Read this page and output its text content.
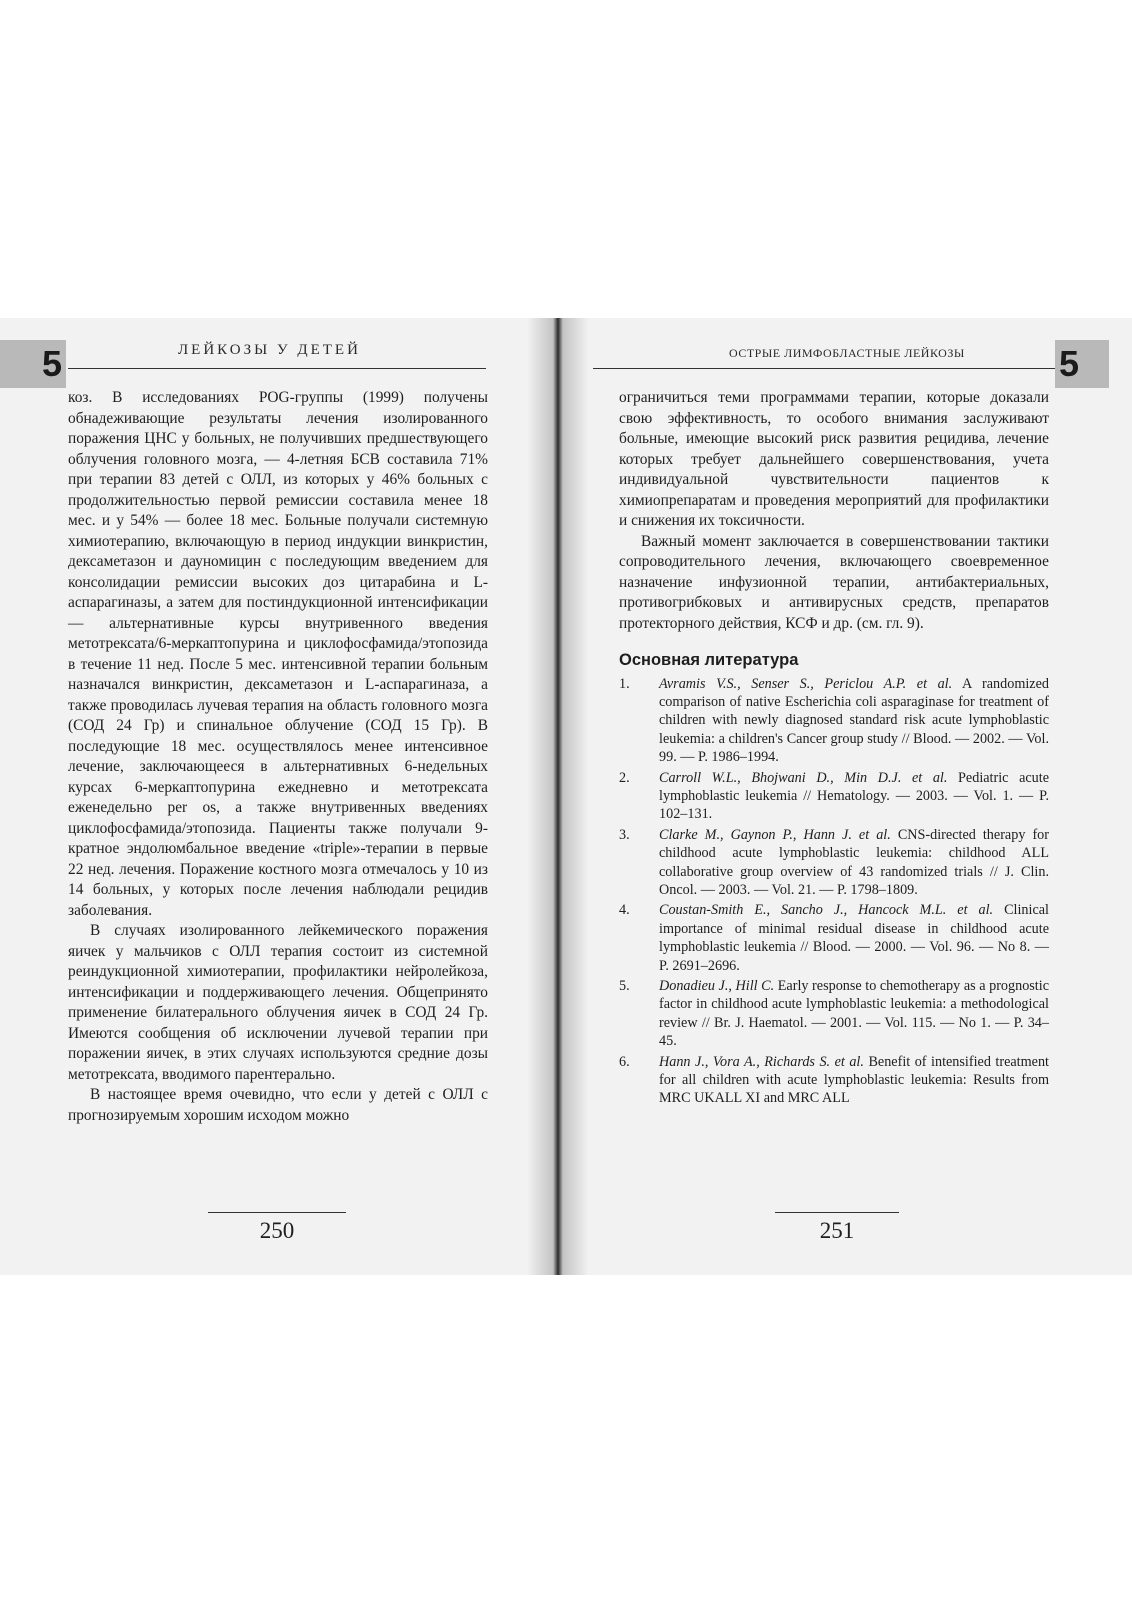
5	ЛЕЙКОЗЫ У ДЕТЕЙ

коз. В исследованиях POG-группы (1999) получены обнадеживающие результаты лечения изолированного поражения ЦНС у больных, не получивших предшествующего облучения головного мозга, — 4-летняя БСВ составила 71% при терапии 83 детей с ОЛЛ, из которых у 46% больных с продолжительностью первой ремиссии составила менее 18 мес. и у 54% — более 18 мес. Больные получали системную химиотерапию, включающую в период индукции винкристин, дексаметазон и дауномицин с последующим введением для консолидации ремиссии высоких доз цитарабина и L-аспарагиназы, а затем для постиндукционной интенсификации — альтернативные курсы внутривенного введения метотрексата/6-меркаптопурина и циклофосфамида/этопозида в течение 11 нед. После 5 мес. интенсивной терапии больным назначался винкристин, дексаметазон и L-аспарагиназа, а также проводилась лучевая терапия на область головного мозга (СОД 24 Гр) и спинальное облучение (СОД 15 Гр). В последующие 18 мес. осуществлялось менее интенсивное лечение, заключающееся в альтернативных 6-недельных курсах 6-меркаптопурина ежедневно и метотрексата еженедельно per os, а также внутривенных введениях циклофосфамида/этопозида. Пациенты также получали 9-кратное эндолюмбальное введение «triple»-терапии в первые 22 нед. лечения. Поражение костного мозга отмечалось у 10 из 14 больных, у которых после лечения наблюдали рецидив заболевания.

В случаях изолированного лейкемического поражения яичек у мальчиков с ОЛЛ терапия состоит из системной реиндукционной химиотерапии, профилактики нейролейкоза, интенсификации и поддерживающего лечения. Общепринято применение билатерального облучения яичек в СОД 24 Гр. Имеются сообщения об исключении лучевой терапии при поражении яичек, в этих случаях используются средние дозы метотрексата, вводимого парентерально.

В настоящее время очевидно, что если у детей с ОЛЛ с прогнозируемым хорошим исходом можно

250
ОСТРЫЕ ЛИМФОБЛАСТНЫЕ ЛЕЙКОЗЫ	5

ограничиться теми программами терапии, которые доказали свою эффективность, то особого внимания заслуживают больные, имеющие высокий риск развития рецидива, лечение которых требует дальнейшего совершенствования, учета индивидуальной чувствительности пациентов к химиопрепаратам и проведения мероприятий для профилактики и снижения их токсичности.

Важный момент заключается в совершенствовании тактики сопроводительного лечения, включающего своевременное назначение инфузионной терапии, антибактериальных, противогрибковых и антивирусных средств, препаратов протекторного действия, КСФ и др. (см. гл. 9).

Основная литература
1.	Avramis V.S., Senser S., Periclou A.P. et al. A randomized comparison of native Escherichia coli asparaginase for treatment of children with newly diagnosed standard risk acute lymphoblastic leukemia: a children's Cancer group study // Blood. — 2002. — Vol. 99. — P. 1986–1994.
2.	Carroll W.L., Bhojwani D., Min D.J. et al. Pediatric acute lymphoblastic leukemia // Hematology. — 2003. — Vol. 1. — P. 102–131.
3.	Clarke M., Gaynon P., Hann J. et al. CNS-directed therapy for childhood acute lymphoblastic leukemia: childhood ALL collaborative group overview of 43 randomized trials // J. Clin. Oncol. — 2003. — Vol. 21. — P. 1798–1809.
4.	Coustan-Smith E., Sancho J., Hancock M.L. et al. Clinical importance of minimal residual disease in childhood acute lymphoblastic leukemia // Blood. — 2000. — Vol. 96. — No 8. — P. 2691–2696.
5.	Donadieu J., Hill C. Early response to chemotherapy as a prognostic factor in childhood acute lymphoblastic leukemia: a methodological review // Br. J. Haematol. — 2001. — Vol. 115. — No 1. — P. 34–45.
6.	Hann J., Vora A., Richards S. et al. Benefit of intensified treatment for all children with acute lymphoblastic leukemia: Results from MRC UKALL XI and MRC ALL
251
